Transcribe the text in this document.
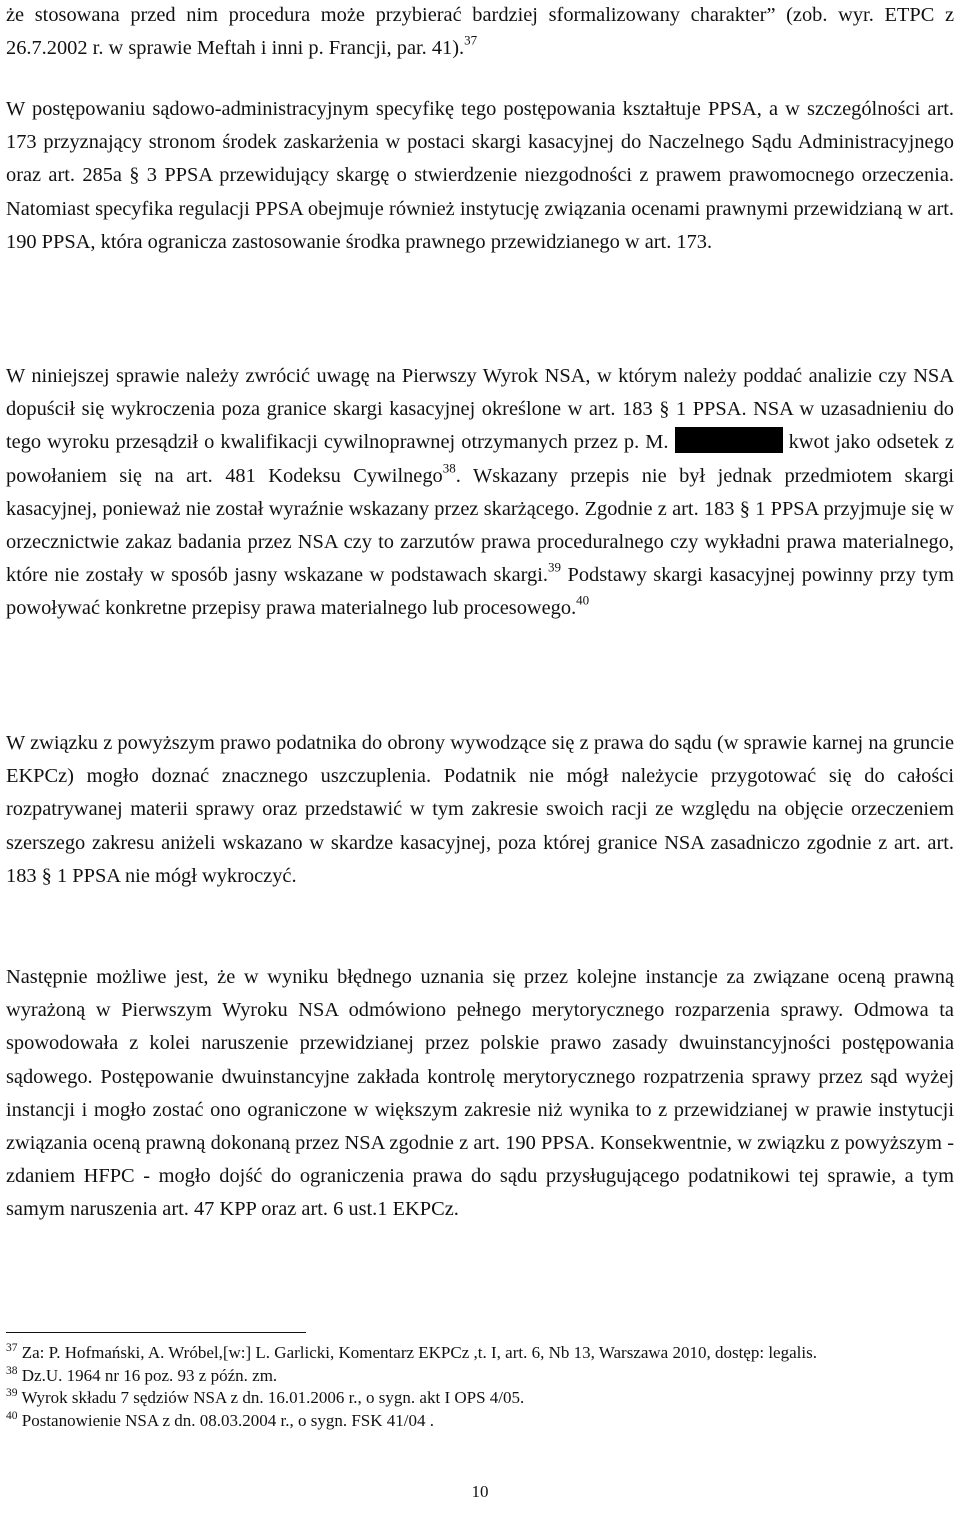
że stosowana przed nim procedura może przybierać bardziej sformalizowany charakter” (zob. wyr. ETPC z 26.7.2002 r. w sprawie Meftah i inni p. Francji, par. 41).$^{37}$

W postępowaniu sądowo-administracyjnym specyfikę tego postępowania kształtuje PPSA, a w szczególności art. 173 przyznający stronom środek zaskarżenia w postaci skargi kasacyjnej do Naczelnego Sądu Administracyjnego oraz art. 285a § 3 PPSA przewidujący skargę o stwierdzenie niezgodności z prawem prawomocnego orzeczenia. Natomiast specyfika regulacji PPSA obejmuje również instytucję związania ocenami prawnymi przewidzianą w art. 190 PPSA, która ogranicza zastosowanie środka prawnego przewidzianego w art. 173.

W niniejszej sprawie należy zwrócić uwagę na Pierwszy Wyrok NSA, w którym należy poddać analizie czy NSA dopuścił się wykroczenia poza granice skargi kasacyjnej określone w art. 183 § 1 PPSA. NSA w uzasadnieniu do tego wyroku przesądził o kwalifikacji cywilnoprawnej otrzymanych przez p. M.	kwot jako odsetek z powołaniem się na art. 481 Kodeksu Cywilnego$^{38}$. Wskazany przepis nie był jednak przedmiotem skargi kasacyjnej, ponieważ nie został wyraźnie wskazany przez skarżącego. Zgodnie z art. 183 § 1 PPSA przyjmuje się w orzecznictwie zakaz badania przez NSA czy to zarzutów prawa proceduralnego czy wykładni prawa materialnego, które nie zostały w sposób jasny wskazane w podstawach skargi.$^{39}$ Podstawy skargi kasacyjnej powinny przy tym powoływać konkretne przepisy prawa materialnego lub procesowego.$^{40}$

W związku z powyższym prawo podatnika do obrony wywodzące się z prawa do sądu (w sprawie karnej na gruncie EKPCz) mogło doznać znacznego uszczuplenia. Podatnik nie mógł należycie przygotować się do całości rozpatrywanej materii sprawy oraz przedstawić w tym zakresie swoich racji ze względu na objęcie orzeczeniem szerszego zakresu aniżeli wskazano w skardze kasacyjnej, poza której granice NSA zasadniczo zgodnie z art. art. 183 § 1 PPSA nie mógł wykroczyć.

Następnie możliwe jest, że w wyniku błędnego uznania się przez kolejne instancje za związane oceną prawną wyrażoną w Pierwszym Wyroku NSA odmówiono pełnego merytorycznego rozparzenia sprawy. Odmowa ta spowodowała z kolei naruszenie przewidzianej przez polskie prawo zasady dwuinstancyjności postępowania sądowego. Postępowanie dwuinstancyjne zakłada kontrolę merytorycznego rozpatrzenia sprawy przez sąd wyżej instancji i mogło zostać ono ograniczone w większym zakresie niż wynika to z przewidzianej w prawie instytucji związania oceną prawną dokonaną przez NSA zgodnie z art. 190 PPSA. Konsekwentnie, w związku z powyższym - zdaniem HFPC - mogło dojść do ograniczenia prawa do sądu przysługującego podatnikowi tej sprawie, a tym samym naruszenia art. 47 KPP oraz art. 6 ust.1 EKPCz.

$^{37}$ Za: P. Hofmański, A. Wróbel,[w:] L. Garlicki, Komentarz EKPCz ,t. I, art. 6, Nb 13, Warszawa 2010, dostęp: legalis.

$^{38}$ Dz.U. 1964 nr 16 poz. 93 z późn. zm.

$^{39}$ Wyrok składu 7 sędziów NSA z dn. 16.01.2006 r., o sygn. akt I OPS 4/05.

$^{40}$ Postanowienie NSA z dn. 08.03.2004 r., o sygn. FSK 41/04 .

10
